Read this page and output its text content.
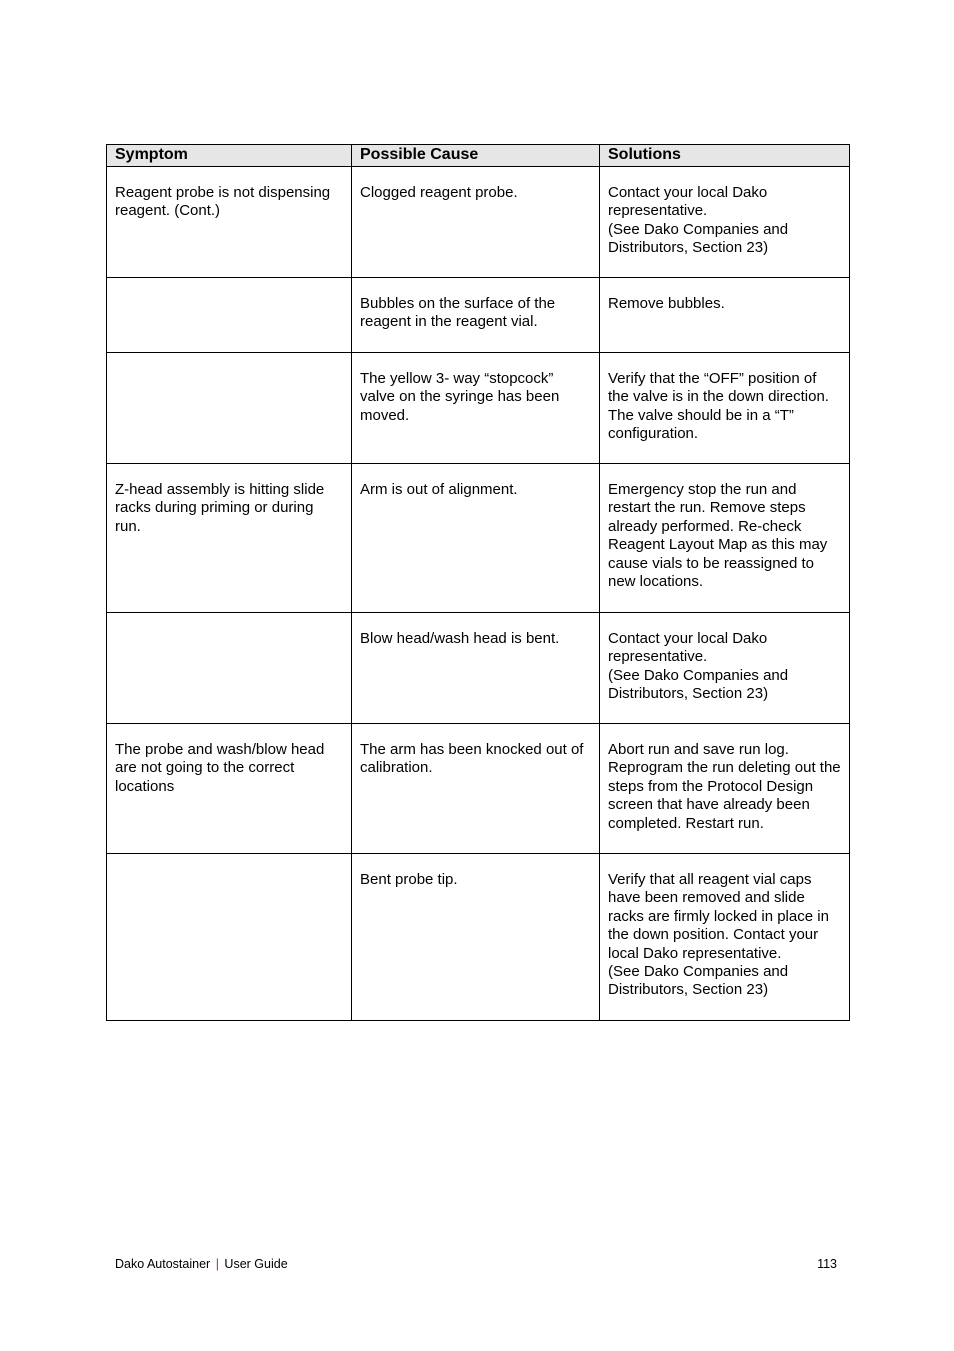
Symptom	Possible Cause	Solutions

Reagent probe is not dispensing reagent. (Cont.)	Clogged reagent probe.	Contact your local Dako representative.
(See Dako Companies and Distributors, Section 23)

	Bubbles on the surface of the reagent in the reagent vial.	Remove bubbles.

	The yellow 3- way “stopcock” valve on the syringe has been moved.	Verify that the “OFF” position of the valve is in the down direction. The valve should be in a “T” configuration.

Z-head assembly is hitting slide racks during priming or during run.	Arm is out of alignment.	Emergency stop the run and restart the run. Remove steps already performed. Re-check Reagent Layout Map as this may cause vials to be reassigned to new locations.

	Blow head/wash head is bent.	Contact your local Dako representative.
(See Dako Companies and Distributors, Section 23)

The probe and wash/blow head are not going to the correct locations	The arm has been knocked out of calibration.	Abort run and save run log. Reprogram the run deleting out the steps from the Protocol Design screen that have already been completed. Restart run.

	Bent probe tip.	Verify that all reagent vial caps have been removed and slide racks are firmly locked in place in the down position. Contact your local Dako representative.
(See Dako Companies and Distributors, Section 23)
Dako Autostainer | User Guide	113
